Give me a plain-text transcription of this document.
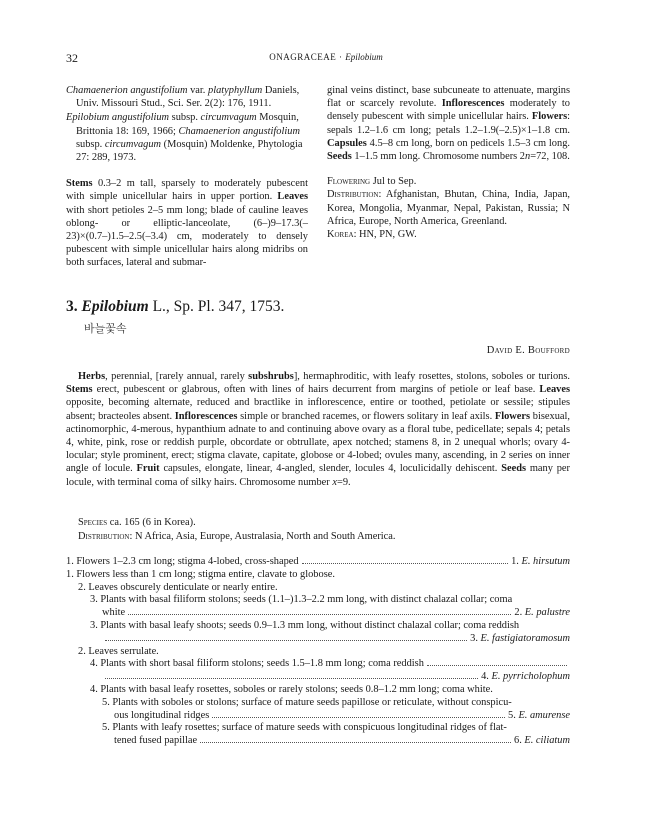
32	ONAGRACEAE · Epilobium

Chamaenerion angustifolium var. platyphyllum Daniels, Univ. Missouri Stud., Sci. Ser. 2(2): 176, 1911.

Epilobium angustifolium subsp. circumvagum Mosquin, Brittonia 18: 169, 1966; Chamaenerion angustifolium subsp. circumvagum (Mosquin) Moldenke, Phytologia 27: 289, 1973.

Stems 0.3–2 m tall, sparsely to moderately pubescent with simple unicellular hairs in upper portion. Leaves with short petioles 2–5 mm long; blade of cauline leaves oblong- or elliptic-lanceolate, (6–)9–17.3(–23)×(0.7–)1.5–2.5(–3.4) cm, moderately to densely pubescent with simple unicellular hairs along midribs on both surfaces, lateral and submar-

ginal veins distinct, base subcuneate to attenuate, margins flat or scarcely revolute. Inflorescences moderately to densely pubescent with simple unicellular hairs. Flowers: sepals 1.2–1.6 cm long; petals 1.2–1.9(–2.5)×1–1.8 cm. Capsules 4.5–8 cm long, born on pedicels 1.5–3 cm long. Seeds 1–1.5 mm long. Chromosome numbers 2n=72, 108.

Flowering Jul to Sep.

Distribution: Afghanistan, Bhutan, China, India, Japan, Korea, Mongolia, Myanmar, Nepal, Pakistan, Russia; N Africa, Europe, North America, Greenland.

Korea: HN, PN, GW.

3. Epilobium L., Sp. Pl. 347, 1753.
바늘꽃속
David E. Boufford

Herbs, perennial, [rarely annual, rarely subshrubs], hermaphroditic, with leafy rosettes, stolons, soboles or turions. Stems erect, pubescent or glabrous, often with lines of hairs decurrent from margins of petiole or leaf base. Leaves opposite, becoming alternate, reduced and bractlike in inflorescence, entire or toothed, petiolate or sessile; stipules absent; bracteoles absent. Inflorescences simple or branched racemes, or flowers solitary in leaf axils. Flowers bisexual, actinomorphic, 4-merous, hypanthium adnate to and continuing above ovary as a floral tube, pedicellate; sepals 4; petals 4, white, pink, rose or reddish purple, obcordate or obtrullate, apex notched; stamens 8, in 2 unequal whorls; ovary 4-locular; style prominent, erect; stigma clavate, capitate, globose or 4-lobed; ovules many, ascending, in 2 series on inner angle of locule. Fruit capsules, elongate, linear, 4-angled, slender, locules 4, loculicidally dehiscent. Seeds many per locule, with terminal coma of silky hairs. Chromosome number x=9.

Species ca. 165 (6 in Korea).

Distribution: N Africa, Asia, Europe, Australasia, North and South America.

1. Flowers 1–2.3 cm long; stigma 4-lobed, cross-shaped	1. E. hirsutum
1. Flowers less than 1 cm long; stigma entire, clavate to globose.
2. Leaves obscurely denticulate or nearly entire.
3. Plants with basal filiform stolons; seeds (1.1–)1.3–2.2 mm long, with distinct chalazal collar; coma
white	2. E. palustre
3. Plants with basal leafy shoots; seeds 0.9–1.3 mm long, without distinct chalazal collar; coma reddish
3. E. fastigiatoramosum
2. Leaves serrulate.
4. Plants with short basal filiform stolons; seeds 1.5–1.8 mm long; coma reddish
4. E. pyrricholophum
4. Plants with basal leafy rosettes, soboles or rarely stolons; seeds 0.8–1.2 mm long; coma white.
5. Plants with soboles or stolons; surface of mature seeds papillose or reticulate, without conspicu-
ous longitudinal ridges	5. E. amurense
5. Plants with leafy rosettes; surface of mature seeds with conspicuous longitudinal ridges of flat-
tened fused papillae	6. E. ciliatum
